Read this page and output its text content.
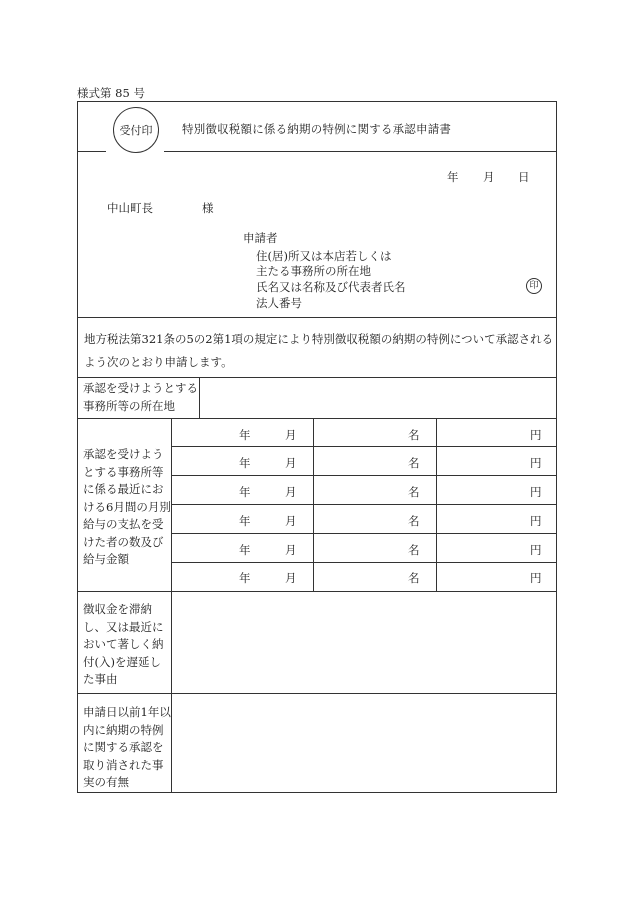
様式第 85 号
受付印	特別徴収税額に係る納期の特例に関する承認申請書
年 月 日
中山町長	様
申請者
住(居)所又は本店若しくは
主たる事務所の所在地
氏名又は名称及び代表者氏名	印
法人番号
地方税法第321条の5の2第1項の規定により特別徴収税額の納期の特例について承認されるよう次のとおり申請します。
承認を受けようとする事務所等の所在地
承認を受けようとする事務所等に係る最近における6月間の月別給与の支払を受けた者の数及び給与金額
年	月	名	円
年	月	名	円
年	月	名	円
年	月	名	円
年	月	名	円
年	月	名	円
徴収金を滞納し、又は最近において著しく納付(入)を遅延した事由
申請日以前1年以内に納期の特例に関する承認を取り消された事実の有無
